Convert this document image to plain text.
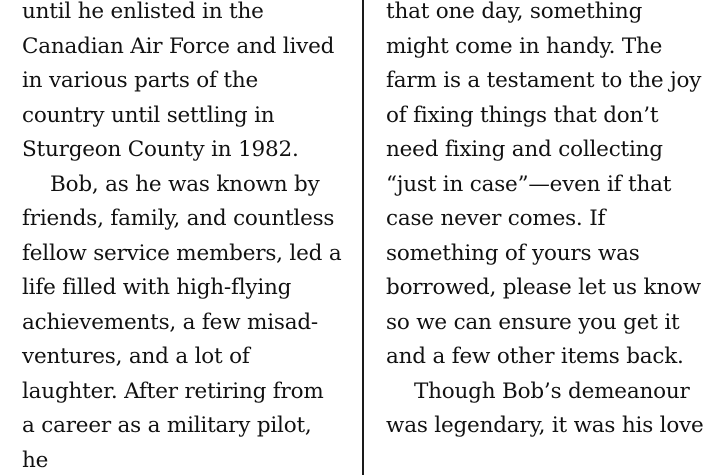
until he enlisted in the Canadian Air Force and lived in various parts of the country until settling in Sturgeon County in 1982.

Bob, as he was known by friends, family, and countless fellow service members, led a life filled with high-flying achievements, a few misad-ventures, and a lot of laughter. After retiring from a career as a military pilot, he

that one day, something might come in handy. The farm is a testament to the joy of fixing things that don’t need fixing and collecting “just in case”—even if that case never comes. If something of yours was borrowed, please let us know so we can ensure you get it and a few other items back.

Though Bob’s demeanour was legendary, it was his love
